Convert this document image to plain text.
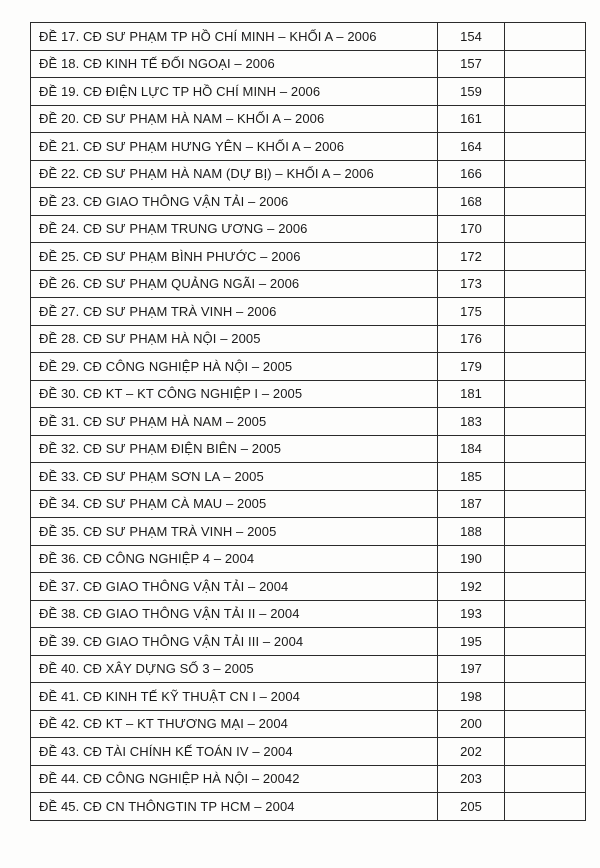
ĐỀ 17. CĐ SƯ PHẠM TP HỒ CHÍ MINH – KHỐI A – 2006	154	
ĐỀ 18. CĐ KINH TẾ ĐỐI NGOẠI – 2006	157	
ĐỀ 19. CĐ ĐIỆN LỰC TP HỒ CHÍ MINH – 2006	159	
ĐỀ 20. CĐ SƯ PHẠM HÀ NAM – KHỐI A – 2006	161	
ĐỀ 21. CĐ SƯ PHẠM HƯNG YÊN – KHỐI A – 2006	164	
ĐỀ 22. CĐ SƯ PHẠM HÀ NAM (DỰ BỊ) – KHỐI A – 2006	166	
ĐỀ 23. CĐ GIAO THÔNG VẬN TẢI – 2006	168	
ĐỀ 24. CĐ SƯ PHẠM TRUNG ƯƠNG – 2006	170	
ĐỀ 25. CĐ SƯ PHẠM BÌNH PHƯỚC – 2006	172	
ĐỀ 26. CĐ SƯ PHẠM QUẢNG NGÃI – 2006	173	
ĐỀ 27. CĐ SƯ PHẠM TRÀ VINH – 2006	175	
ĐỀ 28. CĐ SƯ PHẠM HÀ NỘI – 2005	176	
ĐỀ 29. CĐ CÔNG NGHIỆP HÀ NỘI – 2005	179	
ĐỀ 30. CĐ KT – KT CÔNG NGHIỆP I – 2005	181	
ĐỀ 31. CĐ SƯ PHẠM HÀ NAM – 2005	183	
ĐỀ 32. CĐ SƯ PHẠM ĐIỆN BIÊN – 2005	184	
ĐỀ 33. CĐ SƯ PHẠM SƠN LA – 2005	185	
ĐỀ 34. CĐ SƯ PHẠM CÀ MAU – 2005	187	
ĐỀ 35. CĐ SƯ PHẠM TRÀ VINH – 2005	188	
ĐỀ 36. CĐ CÔNG NGHIỆP 4 – 2004	190	
ĐỀ 37. CĐ GIAO THÔNG VẬN TẢI – 2004	192	
ĐỀ 38. CĐ GIAO THÔNG VẬN TẢI II – 2004	193	
ĐỀ 39. CĐ GIAO THÔNG VẬN TẢI III – 2004	195	
ĐỀ 40. CĐ XÂY DỰNG SỐ 3 – 2005	197	
ĐỀ 41. CĐ KINH TẾ KỸ THUẬT CN I – 2004	198	
ĐỀ 42. CĐ KT – KT THƯƠNG MẠI – 2004	200	
ĐỀ 43. CĐ TÀI CHÍNH KẾ TOÁN IV – 2004	202	
ĐỀ 44. CĐ CÔNG NGHIỆP HÀ NỘI – 20042	203	
ĐỀ 45. CĐ CN THÔNGTIN TP HCM – 2004	205	
